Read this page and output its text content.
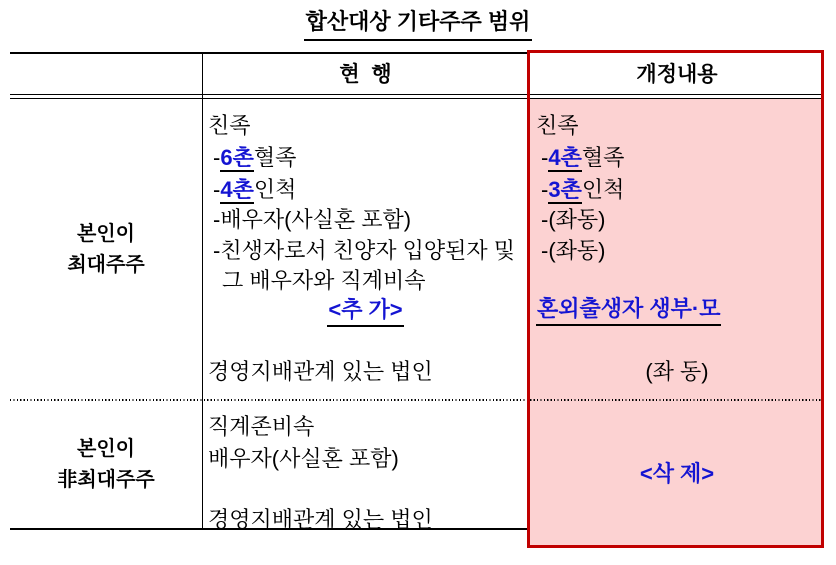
합산대상 기타주주 범위
현  행	개정내용
본인이
최대주주
친족
-6촌혈족
-4촌인척
-배우자(사실혼 포함)
-친생자로서 친양자 입양된자 및
그 배우자와 직계비속
<추 가>
경영지배관계 있는 법인
친족
-4촌혈족
-3촌인척
-(좌동)
-(좌동)
혼외출생자 생부·모
(좌 동)
본인이
非최대주주
직계존비속
배우자(사실혼 포함)
경영지배관계 있는 법인
<삭 제>
